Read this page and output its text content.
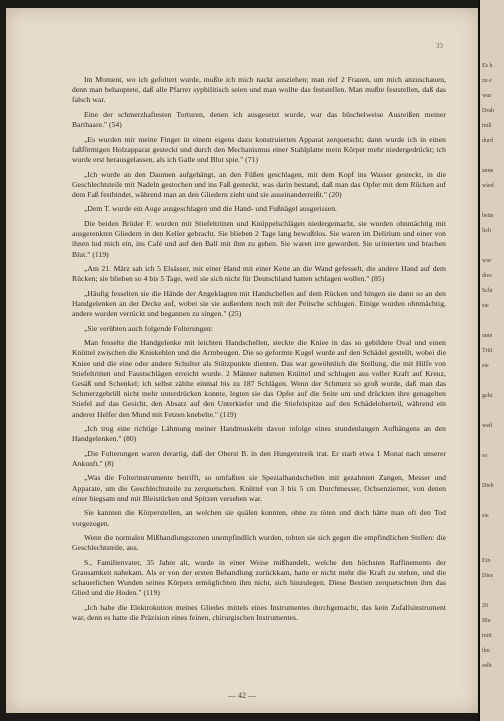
33

Im Moment, wo ich gefoltert wurde, mußte ich mich nackt ausziehen; man rief 2 Frauen, um mich anzuschauen, denn man behauptete, daß alle Pfarrer syphilitisch seien und man wollte das feststellen. Man mußte feststellen, daß das falsch war.

Eine der schmerzhaftesten Torturen, denen ich ausgesetzt wurde, war das büschelweise Ausreißen meiner Barthaare." (54)

„Es wurden mir meine Finger in einem eigens dazu konstruierten Apparat zerquetscht; dann wurde ich in einen faßförmigen Holzapparat gesteckt und durch den Mechanismus einer Stahlplatte mein Körper mehr niedergedrückt; ich wurde erst herausgelassen, als ich Galle und Blut spie." (71)

„Ich wurde an den Daumen aufgehängt, an den Füßen geschlagen, mit dem Kopf ins Wasser gesteckt, in die Geschlechtsteile mit Nadeln gestochen und ins Faß gesteckt, was darin bestand, daß man das Opfer mit dem Rücken auf dem Faß festbindet, während man an den Gliedern zieht und sie auseinanderreißt." (20)

„Dem T. wurde ein Auge ausgeschlagen und die Hand- und Fußnägel ausgerissen.

Die beiden Brüder F. wurden mit Stiefeltritten und Knüppelschlägen niedergemacht, sie wurden ohnmächtig mit ausgerenkten Gliedern in den Keller gebracht. Sie blieben 2 Tage lang bewußtlos. Sie waren im Delirium und einer von ihnen lud mich ein, ins Café und auf den Ball mit ihm zu gehen. Sie waren irre geworden. Sie urinierten und brachen Blut." (119)

„Am 21. März sah ich 5 Elsässer, mit einer Hand mit einer Kette an die Wand gefesselt, die andere Hand auf dem Rücken; sie blieben so 4 bis 5 Tage, weil sie sich nicht für Deutschland hatten schlagen wollen." (85)

„Häufig fesselten sie die Hände der Angeklagten mit Handschellen auf dem Rücken und hingen sie dann so an den Handgelenken an der Decke auf, wobei sie sie außerdem noch mit der Peitsche schlugen. Einige wurden ohnmächtig, andere wurden verrückt und begannen zu singen." (25)

„Sie verübten auch folgende Folterungen:

Man fesselte die Handgelenke mit leichten Handschellen, steckte die Kniee in das so gebildete Oval und einen Knüttel zwischen die Kniekehlen und die Armbeugen. Die so geformte Kugel wurde auf den Schädel gestellt, wobei die Kniee und die eine oder andere Schulter als Stützpunkte dienten. Das war gewöhnlich die Stellung, die mit Hilfe von Stiefeltritten und Faustschlägen erreicht wurde. 2 Männer nahmen Knüttel und schlugen aus voller Kraft auf Kreuz, Gesäß und Schenkel; ich selbst zählte einmal bis zu 187 Schlägen. Wenn der Schmerz so groß wurde, daß man das Schmerzgebrüll nicht mehr unterdrücken konnte, legten sie das Opfer auf die Seite um und drückten ihre genagelten Stiefel auf das Gesicht, den Absatz auf den Unterkiefer und die Stiefelspitze auf den Schädeloberteil, während ein anderer Helfer den Mund mit Fetzen knebelte." (119)

„Ich trug eine richtige Lähmung meiner Handmuskeln davon infolge eines stundenlangen Aufhängens an den Handgelenken." (80)

„Die Folterungen waren derartig, daß der Oberst B. in den Hungerstreik trat. Er starb etwa 1 Monat nach unserer Ankunft." (8)

„Was die Folterinstrumente betrifft, so umfaßten sie Spezialhandschellen mit gezahnten Zangen, Messer und Apparate, um die Geschlechtsteile zu zerquetschen. Knüttel von 3 bis 5 cm Durchmesser, Ochsenziemer, von denen einer biegsam und mit Bleistücken und Spitzen versehen war.

Sie kannten die Körperstellen, an welchen sie quälen konnten, ohne zu töten und doch hätte man oft den Tod vorgezogen.

Wenn die normalen Mißhandlungszonen unempfindlich wurden, tobten sie sich gegen die empfindlichen Stellen: die Geschlechtsteile, aus.

S., Familienvater, 35 Jahre alt, wurde in einer Weise mißhandelt, welche den höchsten Raffinements der Grausamkeit nahekam. Als er von der ersten Behandlung zurückkam, hatte er nicht mehr die Kraft zu stehen, und die schauerlichen Wunden seines Körpers ermöglichten ihm nicht, sich hinzulegen. Diese Bestien zerquetschten ihm das Glied und die Hoden." (119)

„Ich habe die Elektrokution meines Gliedes mittels eines Instrumentes durchgemacht, das kein Zufallsinstrument war, denn es hatte die Präzision eines feinen, chirurgischen Instrumentes.

— 42 —
Es h
zu e
wur
Drah
miß
durd
anne
wied
bette
lich
wur
dies
Schi
sie
unte
Tritt
sie
geht
weil
so
Dieb
sie
Ein
Dies
20
Blu
mitt
ihn
selb
